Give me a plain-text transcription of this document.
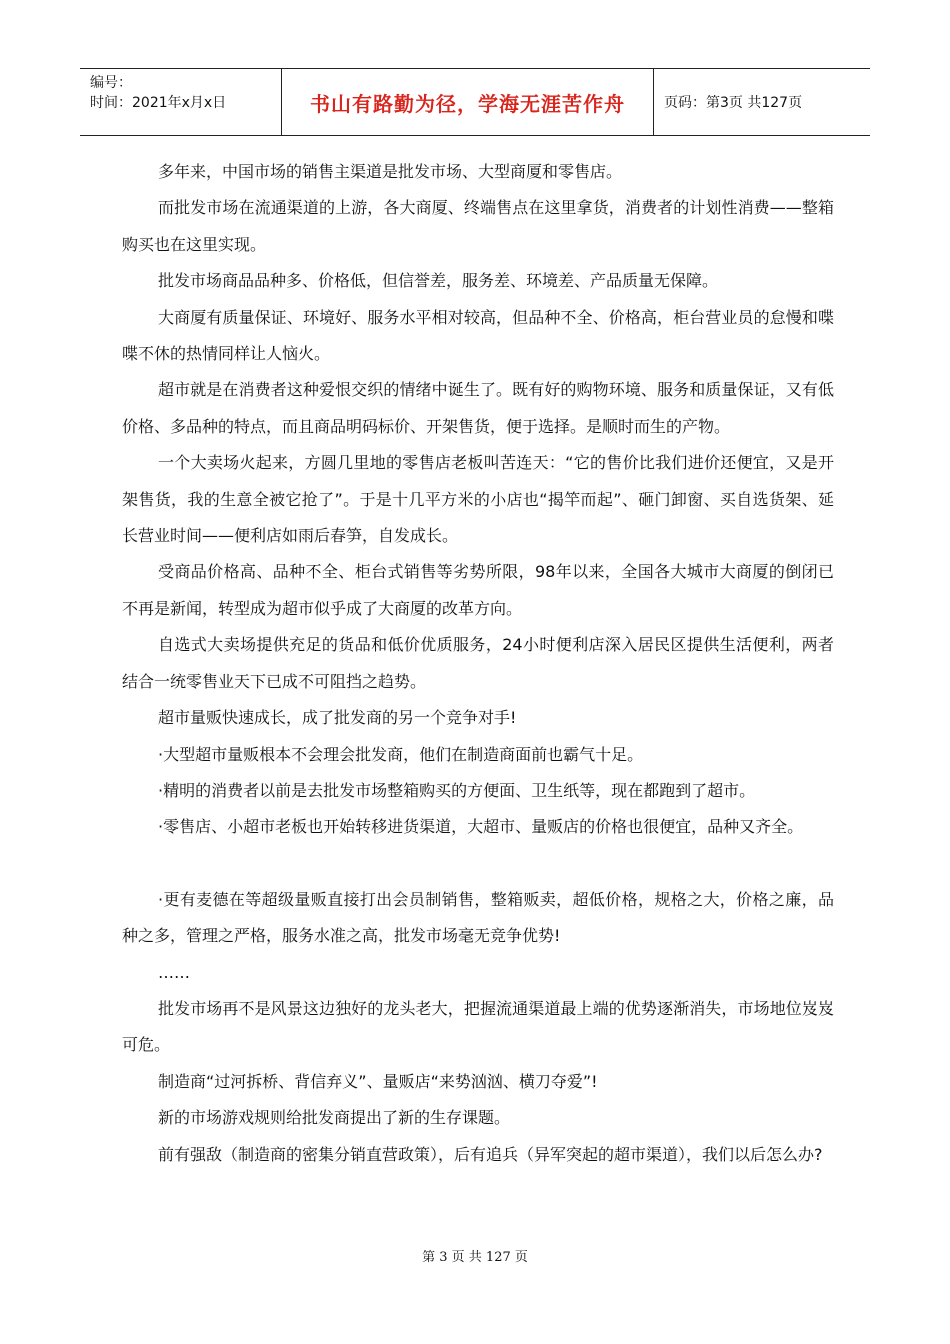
编号：
时间：2021年x月x日	书山有路勤为径，学海无涯苦作舟	页码：第3页 共127页

多年来，中国市场的销售主渠道是批发市场、大型商厦和零售店。

而批发市场在流通渠道的上游，各大商厦、终端售点在这里拿货，消费者的计划性消费——整箱购买也在这里实现。

批发市场商品品种多、价格低，但信誉差，服务差、环境差、产品质量无保障。

大商厦有质量保证、环境好、服务水平相对较高，但品种不全、价格高，柜台营业员的怠慢和喋喋不休的热情同样让人恼火。

超市就是在消费者这种爱恨交织的情绪中诞生了。既有好的购物环境、服务和质量保证，又有低价格、多品种的特点，而且商品明码标价、开架售货，便于选择。是顺时而生的产物。

一个大卖场火起来，方圆几里地的零售店老板叫苦连天：“它的售价比我们进价还便宜，又是开架售货，我的生意全被它抢了”。于是十几平方米的小店也“揭竿而起”、砸门卸窗、买自选货架、延长营业时间——便利店如雨后春笋，自发成长。

受商品价格高、品种不全、柜台式销售等劣势所限，98年以来，全国各大城市大商厦的倒闭已不再是新闻，转型成为超市似乎成了大商厦的改革方向。

自选式大卖场提供充足的货品和低价优质服务，24小时便利店深入居民区提供生活便利，两者结合一统零售业天下已成不可阻挡之趋势。

超市量贩快速成长，成了批发商的另一个竞争对手!

·大型超市量贩根本不会理会批发商，他们在制造商面前也霸气十足。

·精明的消费者以前是去批发市场整箱购买的方便面、卫生纸等，现在都跑到了超市。

·零售店、小超市老板也开始转移进货渠道，大超市、量贩店的价格也很便宜，品种又齐全。

·更有麦德在等超级量贩直接打出会员制销售，整箱贩卖，超低价格，规格之大，价格之廉，品种之多，管理之严格，服务水准之高，批发市场毫无竞争优势!

……

批发市场再不是风景这边独好的龙头老大，把握流通渠道最上端的优势逐渐消失，市场地位岌岌可危。

制造商“过河拆桥、背信弃义”、量贩店“来势汹汹、横刀夺爱”!

新的市场游戏规则给批发商提出了新的生存课题。

前有强敌（制造商的密集分销直营政策），后有追兵（异军突起的超市渠道），我们以后怎么办?

第 3 页 共 127 页
